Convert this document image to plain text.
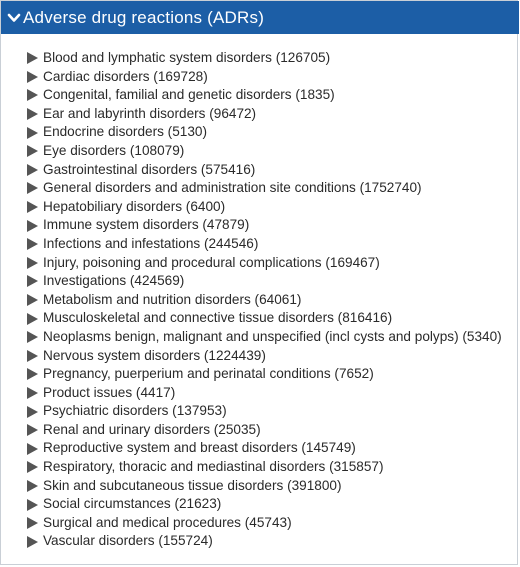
Adverse drug reactions (ADRs)
Blood and lymphatic system disorders (126705)
Cardiac disorders (169728)
Congenital, familial and genetic disorders (1835)
Ear and labyrinth disorders (96472)
Endocrine disorders (5130)
Eye disorders (108079)
Gastrointestinal disorders (575416)
General disorders and administration site conditions (1752740)
Hepatobiliary disorders (6400)
Immune system disorders (47879)
Infections and infestations (244546)
Injury, poisoning and procedural complications (169467)
Investigations (424569)
Metabolism and nutrition disorders (64061)
Musculoskeletal and connective tissue disorders (816416)
Neoplasms benign, malignant and unspecified (incl cysts and polyps) (5340)
Nervous system disorders (1224439)
Pregnancy, puerperium and perinatal conditions (7652)
Product issues (4417)
Psychiatric disorders (137953)
Renal and urinary disorders (25035)
Reproductive system and breast disorders (145749)
Respiratory, thoracic and mediastinal disorders (315857)
Skin and subcutaneous tissue disorders (391800)
Social circumstances (21623)
Surgical and medical procedures (45743)
Vascular disorders (155724)
